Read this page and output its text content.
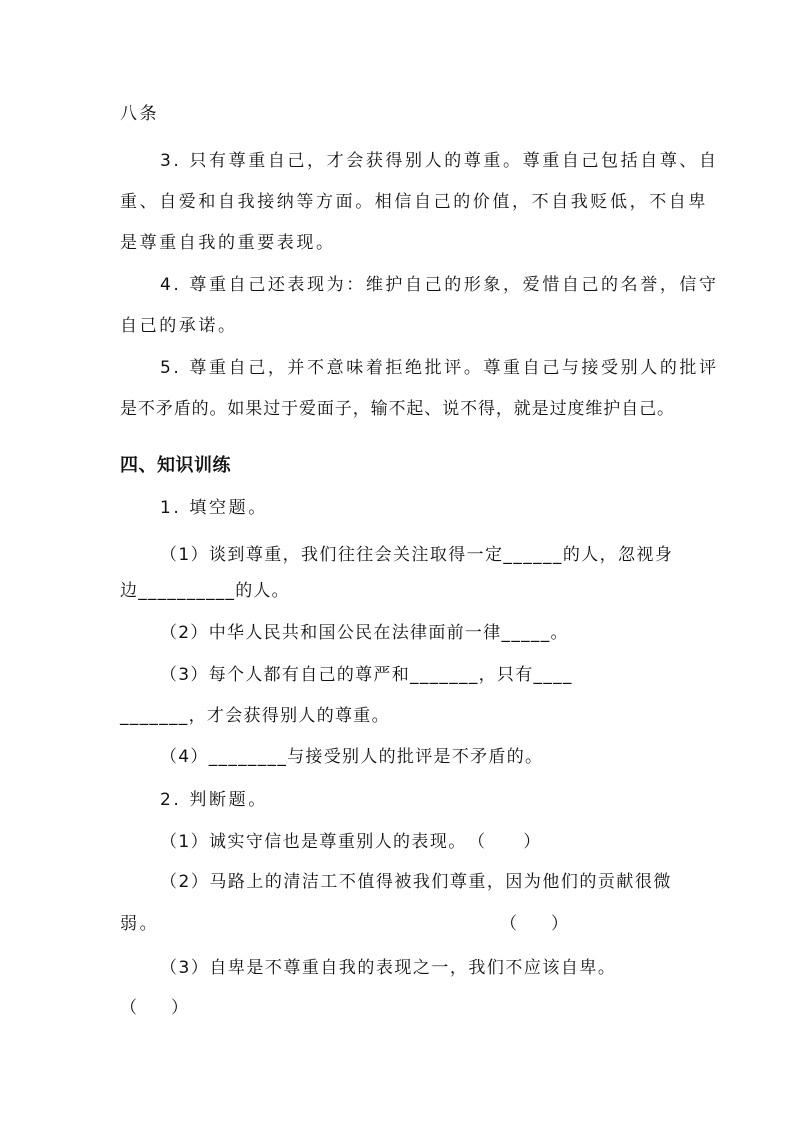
八条
3. 只有尊重自己，才会获得别人的尊重。尊重自己包括自尊、自
重、自爱和自我接纳等方面。相信自己的价值，不自我贬低，不自卑
是尊重自我的重要表现。
4. 尊重自己还表现为：维护自己的形象，爱惜自己的名誉，信守
自己的承诺。
5. 尊重自己，并不意味着拒绝批评。尊重自己与接受别人的批评
是不矛盾的。如果过于爱面子，输不起、说不得，就是过度维护自己。
四、知识训练
1. 填空题。
（1）谈到尊重，我们往往会关注取得一定______的人，忽视身
边__________的人。
（2）中华人民共和国公民在法律面前一律_____。
（3）每个人都有自己的尊严和_______，只有____
_______，才会获得别人的尊重。
（4）________与接受别人的批评是不矛盾的。
2. 判断题。
（1）诚实守信也是尊重别人的表现。　（　　）
（2）马路上的清洁工不值得被我们尊重，因为他们的贡献很微
弱。	（　　）
（3）自卑是不尊重自我的表现之一，我们不应该自卑。
（　　）
